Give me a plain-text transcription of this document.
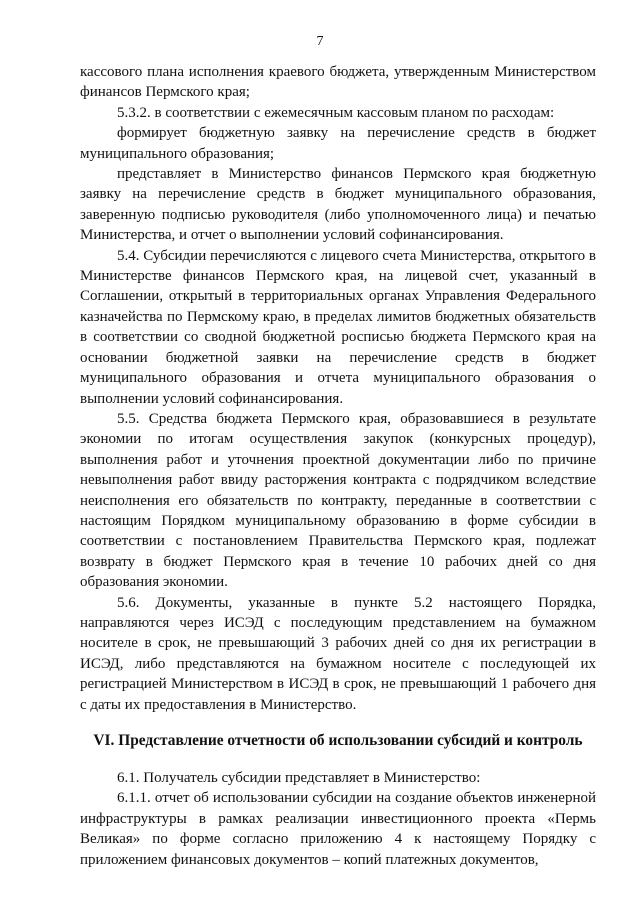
7

кассового плана исполнения краевого бюджета, утвержденным Министерством финансов Пермского края;

5.3.2. в соответствии с ежемесячным кассовым планом по расходам:

формирует бюджетную заявку на перечисление средств в бюджет муниципального образования;

представляет в Министерство финансов Пермского края бюджетную заявку на перечисление средств в бюджет муниципального образования, заверенную подписью руководителя (либо уполномоченного лица) и печатью Министерства, и отчет о выполнении условий софинансирования.

5.4. Субсидии перечисляются с лицевого счета Министерства, открытого в Министерстве финансов Пермского края, на лицевой счет, указанный в Соглашении, открытый в территориальных органах Управления Федерального казначейства по Пермскому краю, в пределах лимитов бюджетных обязательств в соответствии со сводной бюджетной росписью бюджета Пермского края на основании бюджетной заявки на перечисление средств в бюджет муниципального образования и отчета муниципального образования о выполнении условий софинансирования.

5.5. Средства бюджета Пермского края, образовавшиеся в результате экономии по итогам осуществления закупок (конкурсных процедур), выполнения работ и уточнения проектной документации либо по причине невыполнения работ ввиду расторжения контракта с подрядчиком вследствие неисполнения его обязательств по контракту, переданные в соответствии с настоящим Порядком муниципальному образованию в форме субсидии в соответствии с постановлением Правительства Пермского края, подлежат возврату в бюджет Пермского края в течение 10 рабочих дней со дня образования экономии.

5.6. Документы, указанные в пункте 5.2 настоящего Порядка, направляются через ИСЭД с последующим представлением на бумажном носителе в срок, не превышающий 3 рабочих дней со дня их регистрации в ИСЭД, либо представляются на бумажном носителе с последующей их регистрацией Министерством в ИСЭД в срок, не превышающий 1 рабочего дня с даты их предоставления в Министерство.

VI. Представление отчетности об использовании субсидий и контроль

6.1. Получатель субсидии представляет в Министерство:

6.1.1. отчет об использовании субсидии на создание объектов инженерной инфраструктуры в рамках реализации инвестиционного проекта «Пермь Великая» по форме согласно приложению 4 к настоящему Порядку с приложением финансовых документов – копий платежных документов,
